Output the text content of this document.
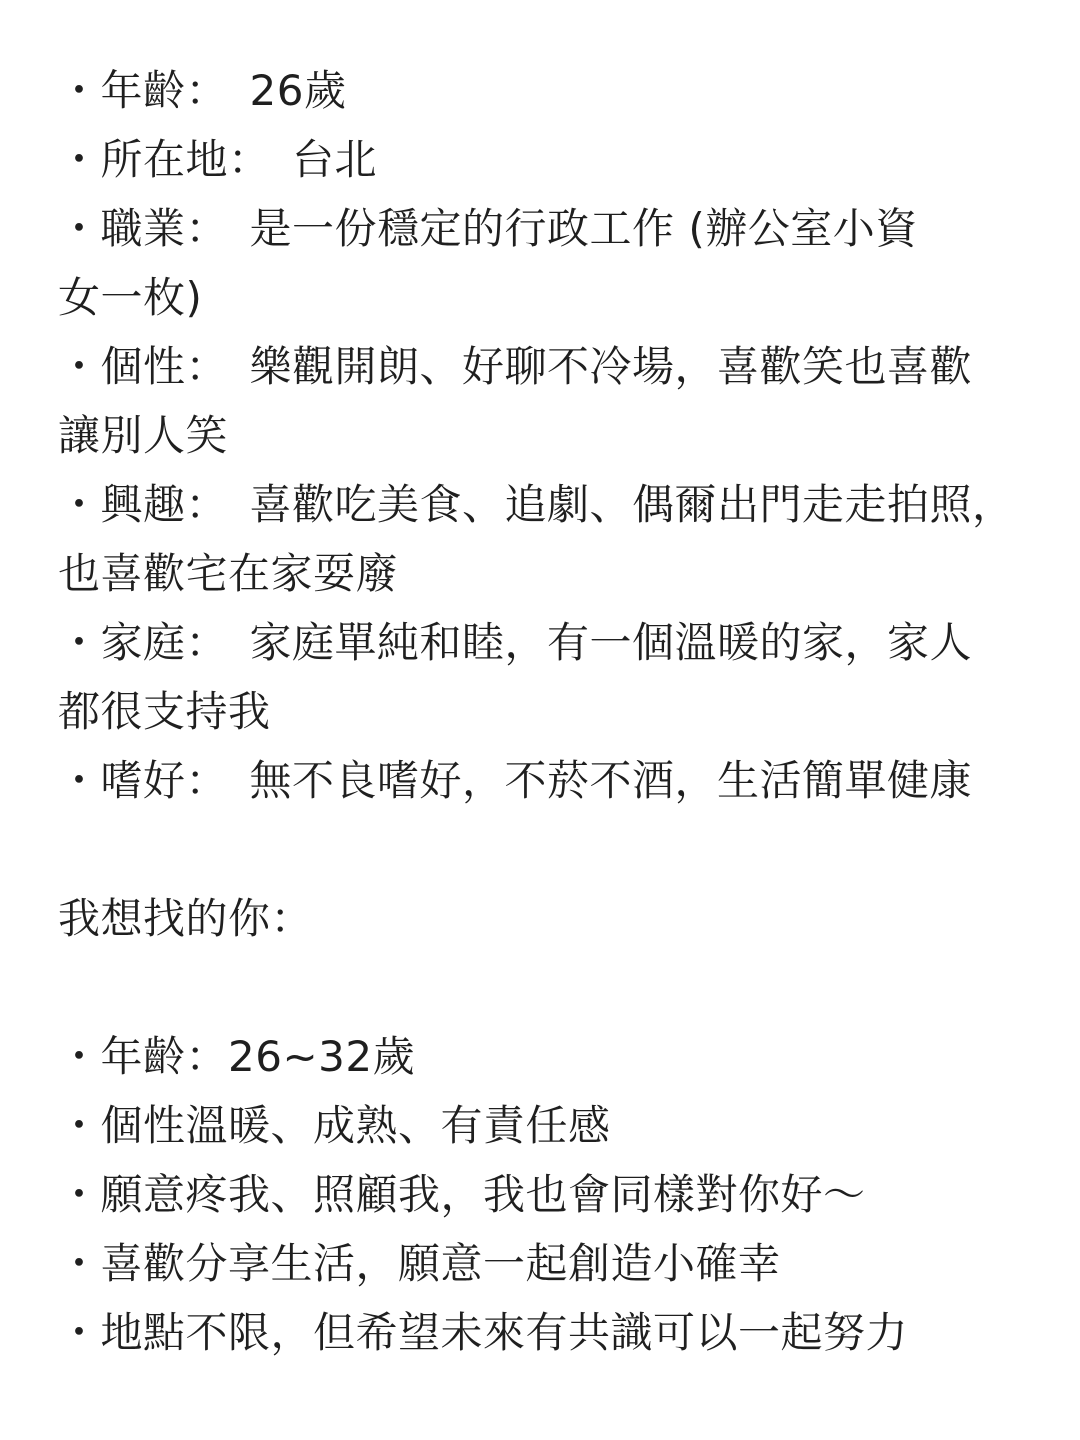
・年齡：　26歲
・所在地：　台北
・職業：　是一份穩定的行政工作 (辦公室小資
女一枚)
・個性：　樂觀開朗、好聊不冷場，喜歡笑也喜歡
讓別人笑
・興趣：　喜歡吃美食、追劇、偶爾出門走走拍照，
也喜歡宅在家耍廢
・家庭：　家庭單純和睦，有一個溫暖的家，家人
都很支持我
・嗜好：　無不良嗜好，不菸不酒，生活簡單健康
我想找的你：
・年齡：26~32歲
・個性溫暖、成熟、有責任感
・願意疼我、照顧我，我也會同樣對你好～
・喜歡分享生活，願意一起創造小確幸
・地點不限，但希望未來有共識可以一起努力
